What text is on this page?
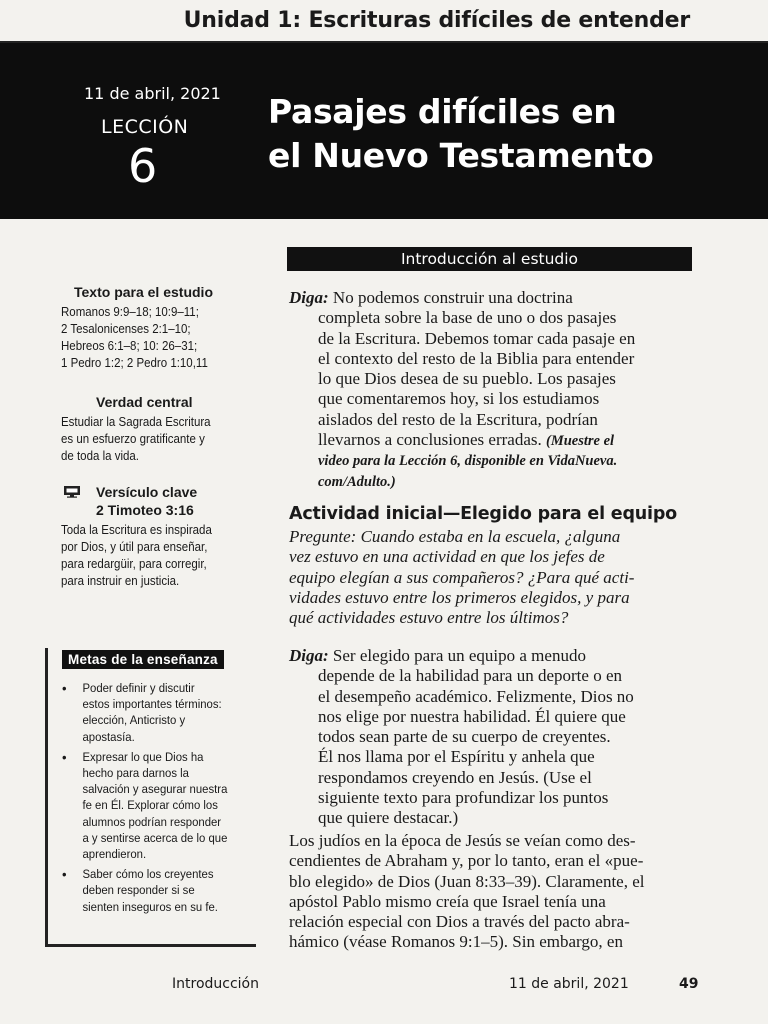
Unidad 1: Escrituras difíciles de entender
11 de abril, 2021
LECCIÓN
6
Pasajes difíciles en
el Nuevo Testamento
Texto para el estudio
Romanos 9:9–18; 10:9–11;
2 Tesalonicenses 2:1–10;
Hebreos 6:1–8; 10: 26–31;
1 Pedro 1:2; 2 Pedro 1:10,11
Verdad central
Estudiar la Sagrada Escritura
es un esfuerzo gratificante y
de toda la vida.
Versículo clave
2 Timoteo 3:16
Toda la Escritura es inspirada
por Dios, y útil para enseñar,
para redargüir, para corregir,
para instruir en justicia.
Metas de la enseñanza
• Poder definir y discutir
estos importantes términos:
elección, Anticristo y
apostasía.
• Expresar lo que Dios ha
hecho para darnos la
salvación y asegurar nuestra
fe en Él. Explorar cómo los
alumnos podrían responder
a y sentirse acerca de lo que
aprendieron.
• Saber cómo los creyentes
deben responder si se
sienten inseguros en su fe.
Introducción al estudio
Diga: No podemos construir una doctrina
completa sobre la base de uno o dos pasajes
de la Escritura. Debemos tomar cada pasaje en
el contexto del resto de la Biblia para entender
lo que Dios desea de su pueblo. Los pasajes
que comentaremos hoy, si los estudiamos
aislados del resto de la Escritura, podrían
llevarnos a conclusiones erradas. (Muestre el
video para la Lección 6, disponible en VidaNueva.
com/Adulto.)
Actividad inicial—Elegido para el equipo
Pregunte: Cuando estaba en la escuela, ¿alguna
vez estuvo en una actividad en que los jefes de
equipo elegían a sus compañeros? ¿Para qué acti-
vidades estuvo entre los primeros elegidos, y para
qué actividades estuvo entre los últimos?
Diga: Ser elegido para un equipo a menudo
depende de la habilidad para un deporte o en
el desempeño académico. Felizmente, Dios no
nos elige por nuestra habilidad. Él quiere que
todos sean parte de su cuerpo de creyentes.
Él nos llama por el Espíritu y anhela que
respondamos creyendo en Jesús. (Use el
siguiente texto para profundizar los puntos
que quiere destacar.)
Los judíos en la época de Jesús se veían como des-
cendientes de Abraham y, por lo tanto, eran el «pue-
blo elegido» de Dios (Juan 8:33–39). Claramente, el
apóstol Pablo mismo creía que Israel tenía una
relación especial con Dios a través del pacto abra-
hámico (véase Romanos 9:1–5). Sin embargo, en
Introducción	11 de abril, 2021	49
